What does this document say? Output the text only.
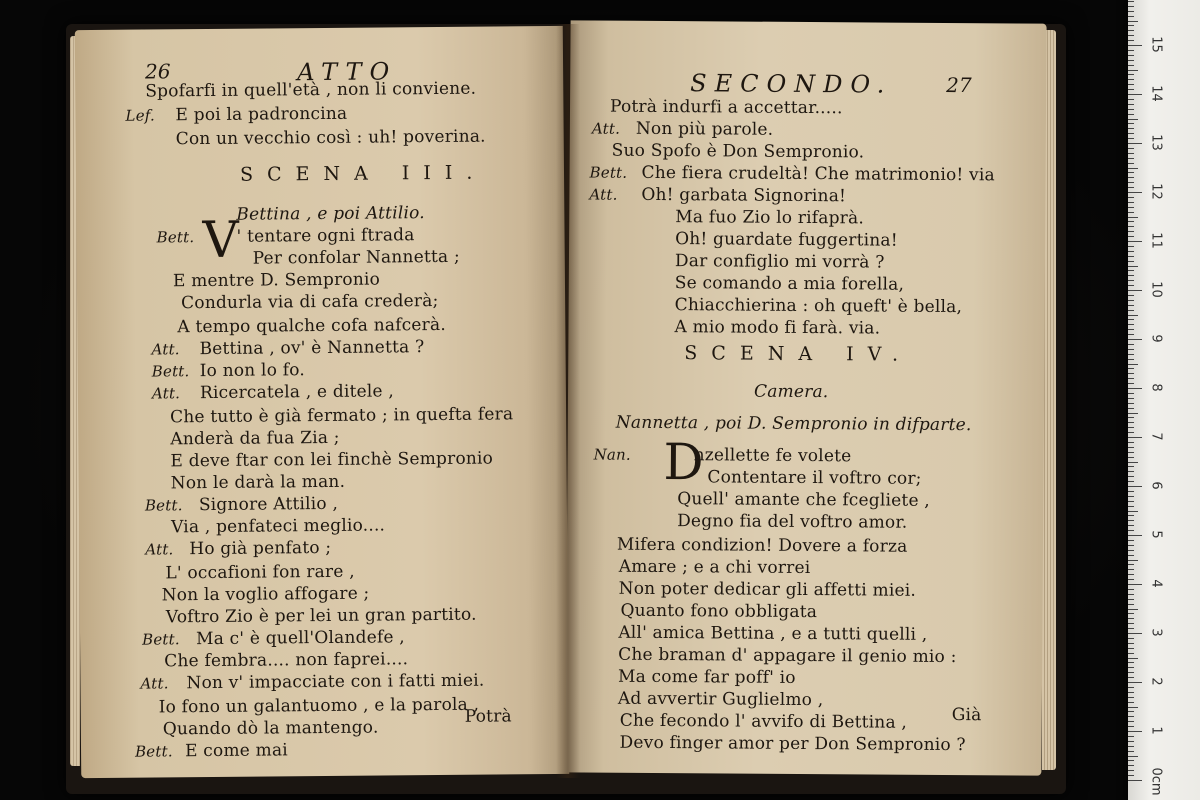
0cm
1
2
3
4
5
6
7
8
9
10
11
12
13
14
15
26	ATTO
V
Spofarfi in quell'età , non li conviene.
Lef. E poi la padroncina
Con un vecchio così : uh! poverina.
SCENA III.
Bettina , e poi Attilio.
Bett. ' tentare ogni ftrada
Per confolar Nannetta ;
E mentre D. Sempronio
Condurla via di cafa crederà;
A tempo qualche cofa nafcerà.
Att. Bettina , ov' è Nannetta ?
Bett. Io non lo fo.
Att. Ricercatela , e ditele ,
Che tutto è già fermato ; in quefta fera
Anderà da fua Zia ;
E deve ftar con lei finchè Sempronio
Non le darà la man.
Bett. Signore Attilio ,
Via , penfateci meglio....
Att. Ho già penfato ;
L' occafioni fon rare ,
Non la voglio affogare ;
Voftro Zio è per lei un gran partito.
Bett. Ma c' è quell'Olandefe ,
Che fembra.... non faprei....
Att. Non v' impacciate con i fatti miei.
Io fono un galantuomo , e la parola ,
Quando dò la mantengo.
Bett. E come mai
Potrà
SECONDO.	27
D
Potrà indurfi a accettar.....
Att. Non più parole.
Suo Spofo è Don Sempronio.
Bett. Che fiera crudeltà! Che matrimonio! via
Att. Oh! garbata Signorina!
Ma fuo Zio lo rifaprà.
Oh! guardate fuggertina!
Dar configlio mi vorrà ?
Se comando a mia forella,
Chiacchierina : oh queft' è bella,
A mio modo fi farà. via.
SCENA IV.
Camera.
Nannetta , poi D. Sempronio in difparte.
Nan.	nzellette fe volete
Contentare il voftro cor;
Quell' amante che fcegliete ,
Degno fia del voftro amor.
Mifera condizion! Dovere a forza
Amare ; e a chi vorrei
Non poter dedicar gli affetti miei.
Quanto fono obbligata
All' amica Bettina , e a tutti quelli ,
Che braman d' appagare il genio mio :
Ma come far poff' io
Ad avvertir Guglielmo ,
Che fecondo l' avvifo di Bettina ,
Devo finger amor per Don Sempronio ?
Già
